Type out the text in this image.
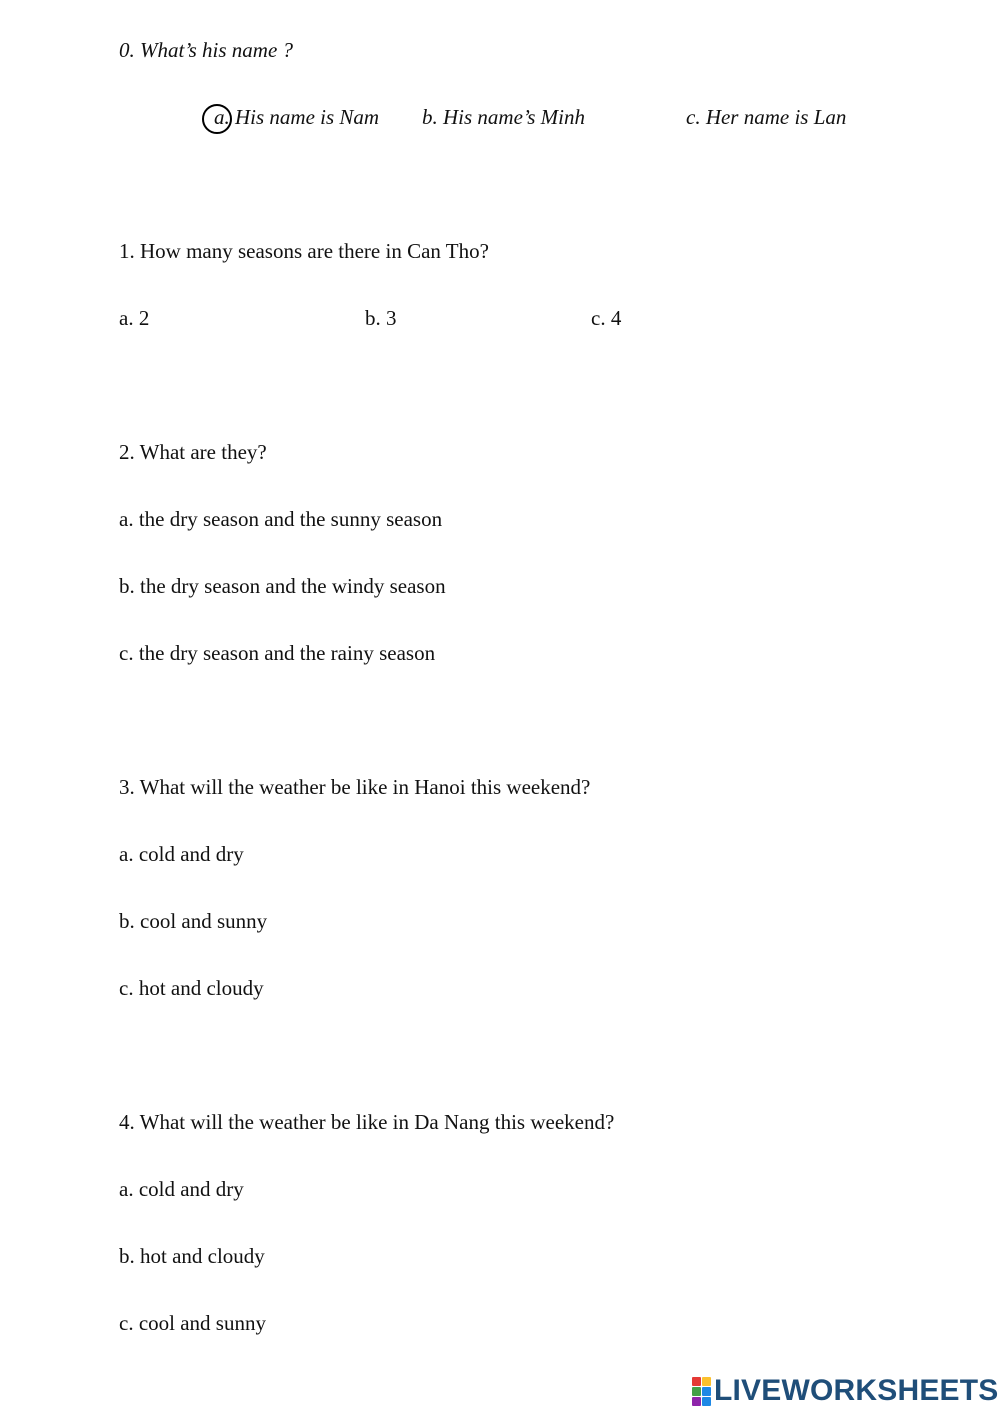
0. What’s his name ?
a. His name is Nam b. His name’s Minh	c. Her name is Lan
1. How many seasons are there in Can Tho?
a. 2	b. 3	c. 4
2. What are they?
a. the dry season and the sunny season
b. the dry season and the windy season
c. the dry season and the rainy season
3. What will the weather be like in Hanoi this weekend?
a. cold and dry
b. cool and sunny
c. hot and cloudy
4. What will the weather be like in Da Nang this weekend?
a. cold and dry
b. hot and cloudy
c. cool and sunny
LIVEWORKSHEETS
